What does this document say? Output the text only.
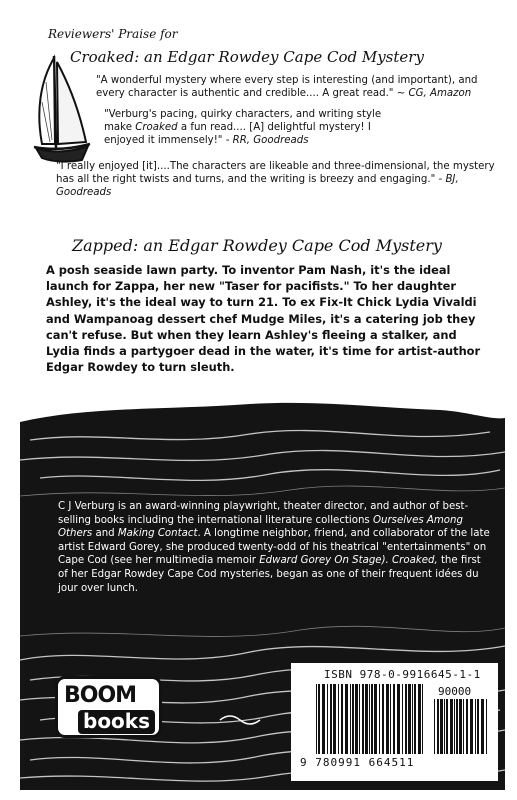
Reviewers' Praise for
Croaked: an Edgar Rowdey Cape Cod Mystery
"A wonderful mystery where every step is interesting (and important), and every character is authentic and credible.... A great read." ~ CG, Amazon
"Verburg's pacing, quirky characters, and writing style make Croaked a fun read.... [A] delightful mystery! I enjoyed it immensely!" - RR, Goodreads
"I really enjoyed [it]....The characters are likeable and three-dimensional, the mystery has all the right twists and turns, and the writing is breezy and engaging." - BJ, Goodreads
Zapped: an Edgar Rowdey Cape Cod Mystery
A posh seaside lawn party. To inventor Pam Nash, it's the ideal launch for Zappa, her new "Taser for pacifists." To her daughter Ashley, it's the ideal way to turn 21. To ex Fix-It Chick Lydia Vivaldi and Wampanoag dessert chef Mudge Miles, it's a catering job they can't refuse. But when they learn Ashley's fleeing a stalker, and Lydia finds a partygoer dead in the water, it's time for artist-author Edgar Rowdey to turn sleuth.
C J Verburg is an award-winning playwright, theater director, and author of best-selling books including the international literature collections Ourselves Among Others and Making Contact. A longtime neighbor, friend, and collaborator of the late artist Edward Gorey, she produced twenty-odd of his theatrical "entertainments" on Cape Cod (see her multimedia memoir Edward Gorey On Stage). Croaked, the first of her Edgar Rowdey Cape Cod mysteries, began as one of their frequent idées du jour over lunch.
BOOM
books
ISBN 978-0-9916645-1-1
90000
9 780991 664511
